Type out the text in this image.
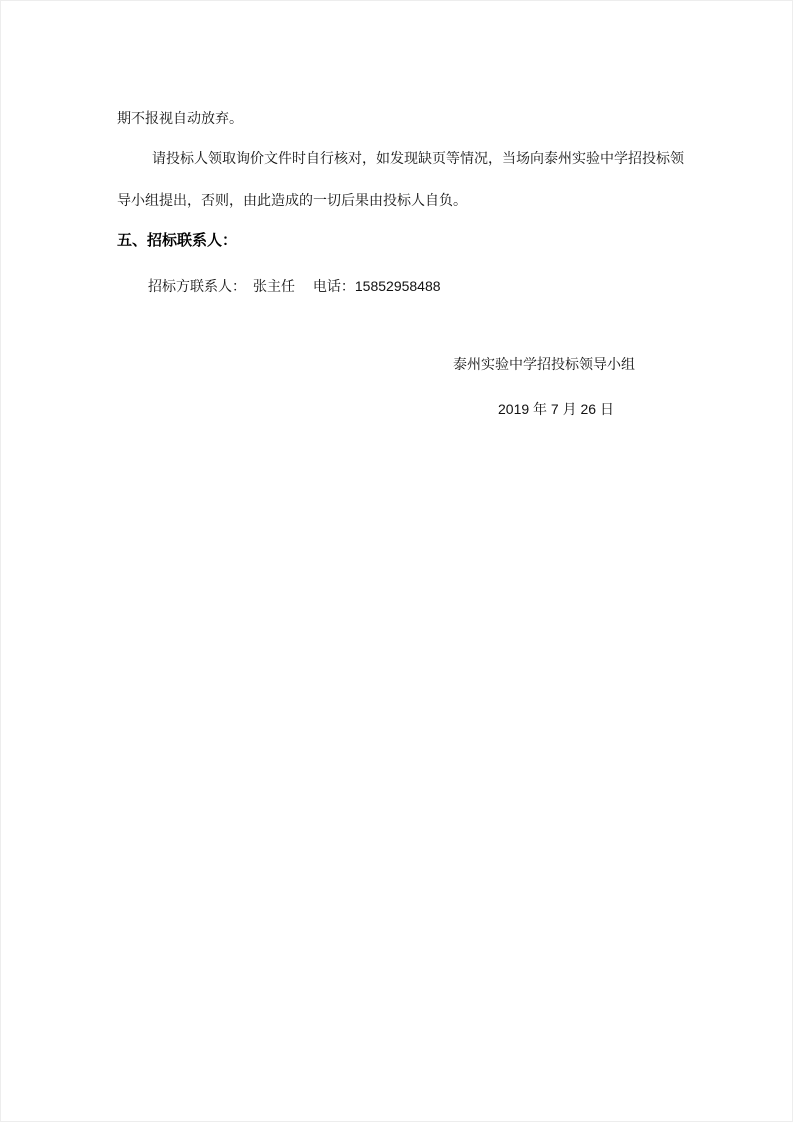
期不报视自动放弃。
请投标人领取询价文件时自行核对，如发现缺页等情况，当场向泰州实验中学招投标领
导小组提出，否则，由此造成的一切后果由投标人自负。
五、招标联系人：
招标方联系人：　张主任　 电话：15852958488
泰州实验中学招投标领导小组
2019 年 7 月 26 日
